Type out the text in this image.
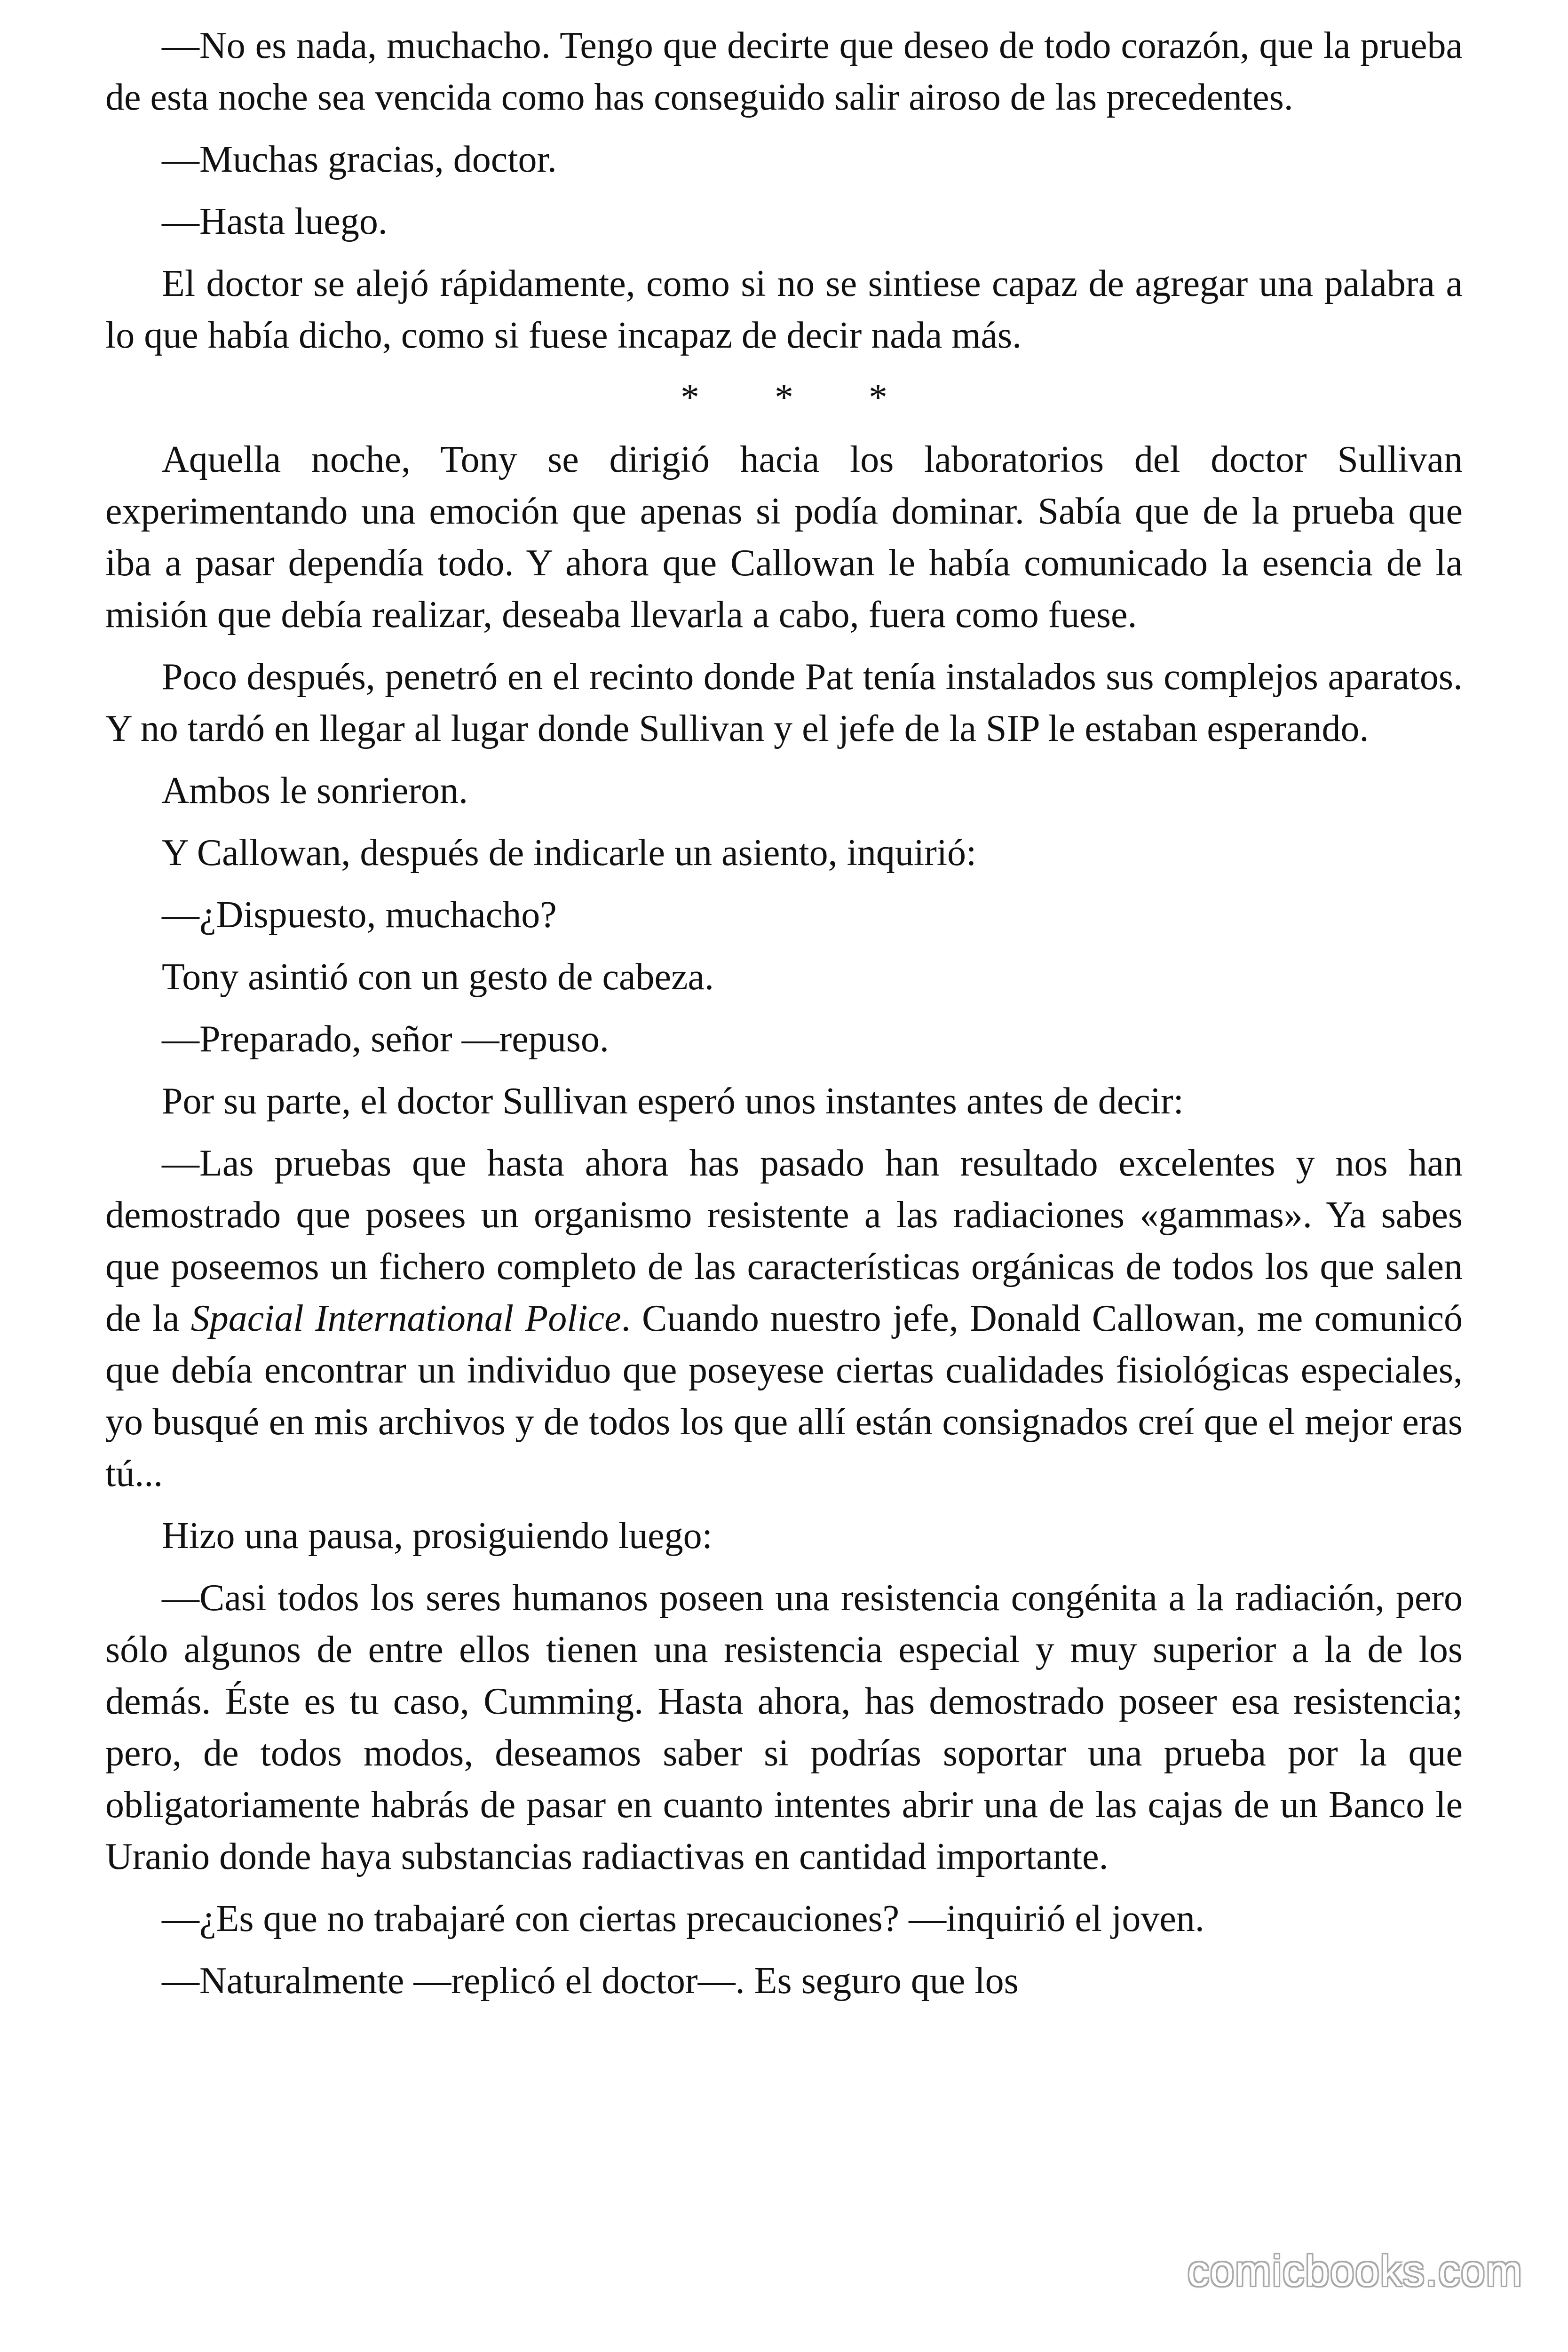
—No es nada, muchacho. Tengo que decirte que deseo de todo corazón, que la prueba de esta noche sea vencida como has conseguido salir airoso de las precedentes.

—Muchas gracias, doctor.

—Hasta luego.

El doctor se alejó rápidamente, como si no se sintiese capaz de agregar una palabra a lo que había dicho, como si fuese incapaz de decir nada más.

* * *

Aquella noche, Tony se dirigió hacia los laboratorios del doctor Sullivan experimentando una emoción que apenas si podía dominar. Sabía que de la prueba que iba a pasar dependía todo. Y ahora que Callowan le había comunicado la esencia de la misión que debía realizar, deseaba llevarla a cabo, fuera como fuese.

Poco después, penetró en el recinto donde Pat tenía instalados sus complejos aparatos. Y no tardó en llegar al lugar donde Sullivan y el jefe de la SIP le estaban esperando.

Ambos le sonrieron.

Y Callowan, después de indicarle un asiento, inquirió:

—¿Dispuesto, muchacho?

Tony asintió con un gesto de cabeza.

—Preparado, señor —repuso.

Por su parte, el doctor Sullivan esperó unos instantes antes de decir:

—Las pruebas que hasta ahora has pasado han resultado excelentes y nos han demostrado que posees un organismo resistente a las radiaciones «gammas». Ya sabes que poseemos un fichero completo de las características orgánicas de todos los que salen de la Spacial International Police. Cuando nuestro jefe, Donald Callowan, me comunicó que debía encontrar un individuo que poseyese ciertas cualidades fisiológicas especiales, yo busqué en mis archivos y de todos los que allí están consignados creí que el mejor eras tú...

Hizo una pausa, prosiguiendo luego:

—Casi todos los seres humanos poseen una resistencia congénita a la radiación, pero sólo algunos de entre ellos tienen una resistencia especial y muy superior a la de los demás. Éste es tu caso, Cumming. Hasta ahora, has demostrado poseer esa resistencia; pero, de todos modos, deseamos saber si podrías soportar una prueba por la que obligatoriamente habrás de pasar en cuanto intentes abrir una de las cajas de un Banco le Uranio donde haya substancias radiactivas en cantidad importante.

—¿Es que no trabajaré con ciertas precauciones? —inquirió el joven.

—Naturalmente —replicó el doctor—. Es seguro que los

comicbooks.com
